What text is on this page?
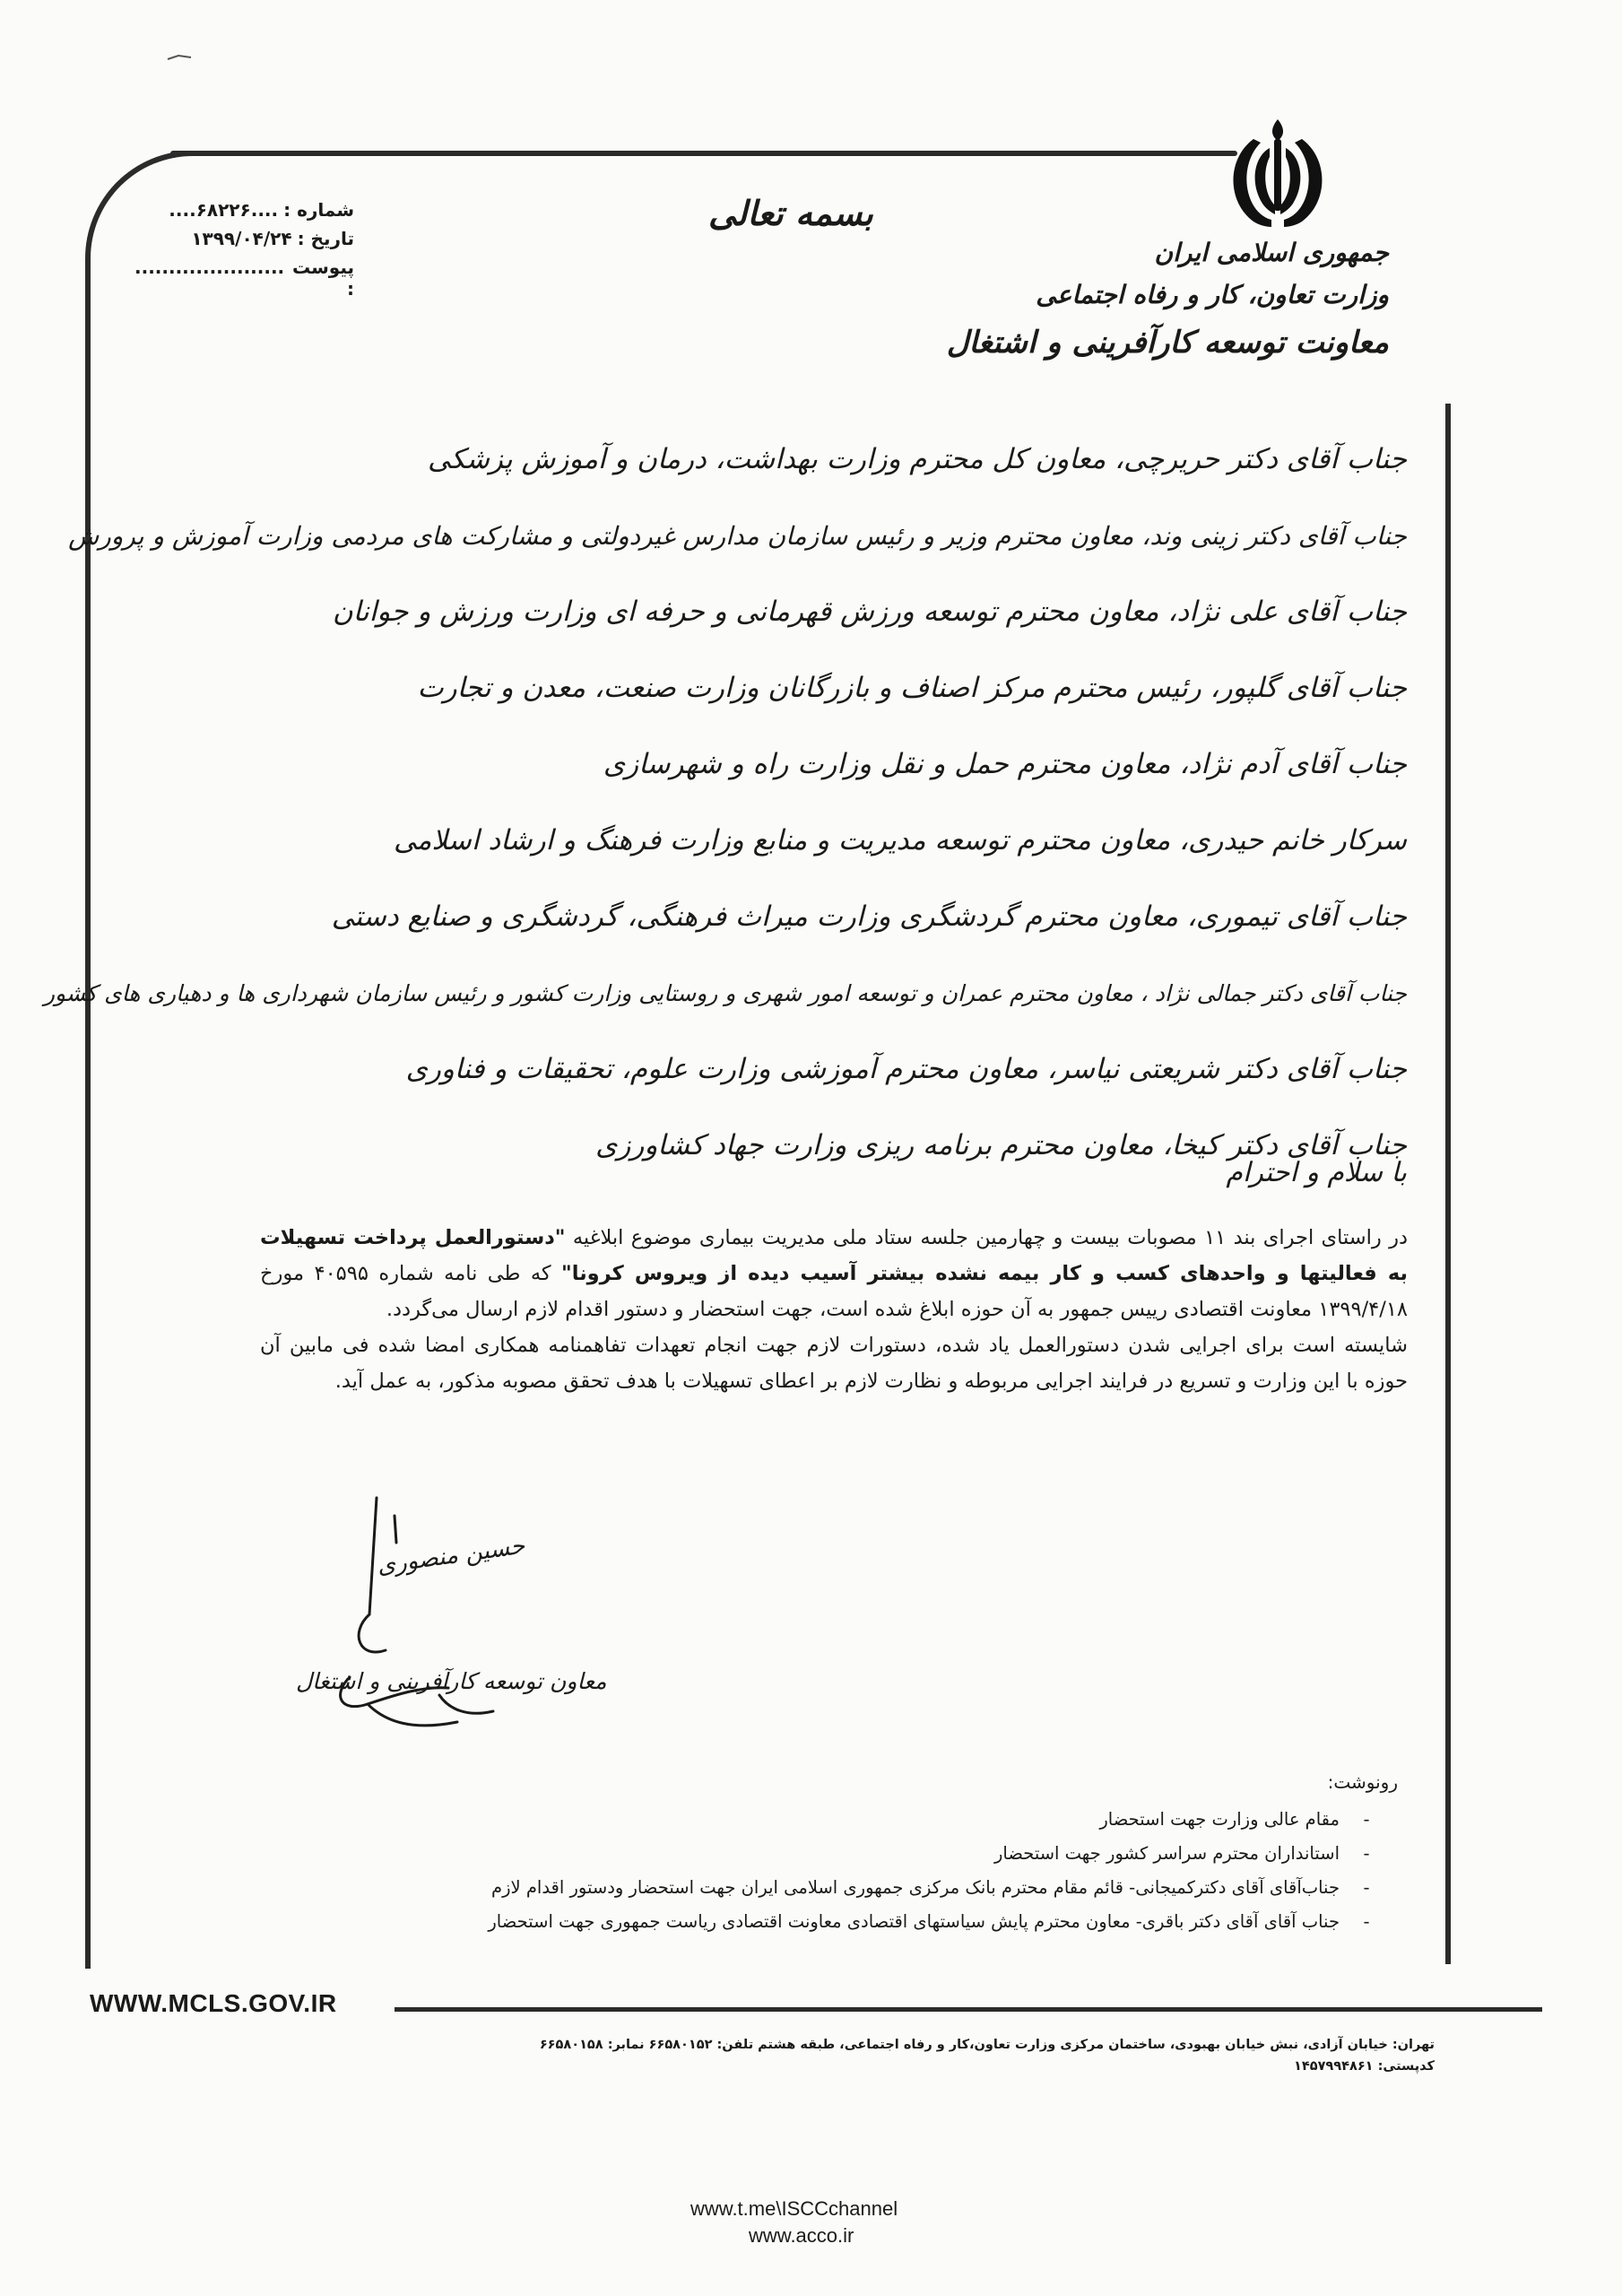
جمهوری اسلامی ایران
وزارت تعاون، کار و رفاه اجتماعی
معاونت توسعه کارآفرینی و اشتغال
بسمه تعالی
شماره :
....۶۸۲۲۶....
تاریخ :
۱۳۹۹/۰۴/۲۴
پیوست :
......................
جناب آقای دکتر حریرچی، معاون کل محترم وزارت بهداشت، درمان و آموزش پزشکی
جناب آقای دکتر زینی وند، معاون محترم وزیر و رئیس سازمان مدارس غیردولتی و مشارکت های مردمی وزارت آموزش و پرورش
جناب آقای علی نژاد، معاون محترم توسعه ورزش قهرمانی و حرفه ای وزارت ورزش و جوانان
جناب آقای گلپور، رئیس محترم مرکز اصناف و بازرگانان وزارت صنعت، معدن و تجارت
جناب آقای آدم نژاد، معاون محترم حمل و نقل وزارت راه و شهرسازی
سرکار خانم حیدری، معاون محترم توسعه مدیریت و منابع وزارت فرهنگ و ارشاد اسلامی
جناب آقای تیموری، معاون محترم گردشگری وزارت میراث فرهنگی، گردشگری و صنایع دستی
جناب آقای دکتر جمالی نژاد ، معاون محترم عمران و توسعه امور شهری و روستایی وزارت کشور و رئیس سازمان شهرداری ها و دهیاری های کشور
جناب آقای دکتر شریعتی نیاسر، معاون محترم آموزشی وزارت علوم، تحقیقات و فناوری
جناب آقای دکتر کیخا، معاون محترم برنامه ریزی وزارت جهاد کشاورزی
با سلام و احترام

در راستای اجرای بند ۱۱ مصوبات بیست و چهارمین جلسه ستاد ملی مدیریت بیماری موضوع ابلاغیه "دستورالعمل پرداخت تسهیلات به فعالیتها و واحدهای کسب و کار بیمه نشده بیشتر آسیب دیده از ویروس کرونا" که طی نامه شماره ۴۰۵۹۵ مورخ ۱۳۹۹/۴/۱۸ معاونت اقتصادی رییس جمهور به آن حوزه ابلاغ شده است، جهت استحضار و دستور اقدام لازم ارسال می‌گردد.

شایسته است برای اجرایی شدن دستورالعمل یاد شده، دستورات لازم جهت انجام تعهدات تفاهمنامه همکاری امضا شده فی مابین آن حوزه با این وزارت و تسریع در فرایند اجرایی مربوطه و نظارت لازم بر اعطای تسهیلات با هدف تحقق مصوبه مذکور، به عمل آید.

حسین منصوری
معاون توسعه کارآفرینی و اشتغال
رونوشت:
-مقام عالی وزارت جهت استحضار
-استانداران محترم سراسر کشور جهت استحضار
-جناب‌آقای آقای دکترکمیجانی- قائم مقام محترم بانک مرکزی جمهوری اسلامی ایران جهت استحضار ودستور اقدام لازم
-جناب آقای آقای دکتر باقری- معاون محترم پایش سیاستهای اقتصادی معاونت اقتصادی ریاست جمهوری جهت استحضار
WWW.MCLS.GOV.IR
تهران: خیابان آزادی، نبش خیابان بهبودی، ساختمان مرکزی وزارت تعاون،کار و رفاه اجتماعی، طبقه هشتم تلفن: ۶۶۵۸۰۱۵۲ نمابر: ۶۶۵۸۰۱۵۸
کدپستی: ۱۴۵۷۹۹۴۸۶۱
www.t.me\ISCCchannel
www.acco.ir
